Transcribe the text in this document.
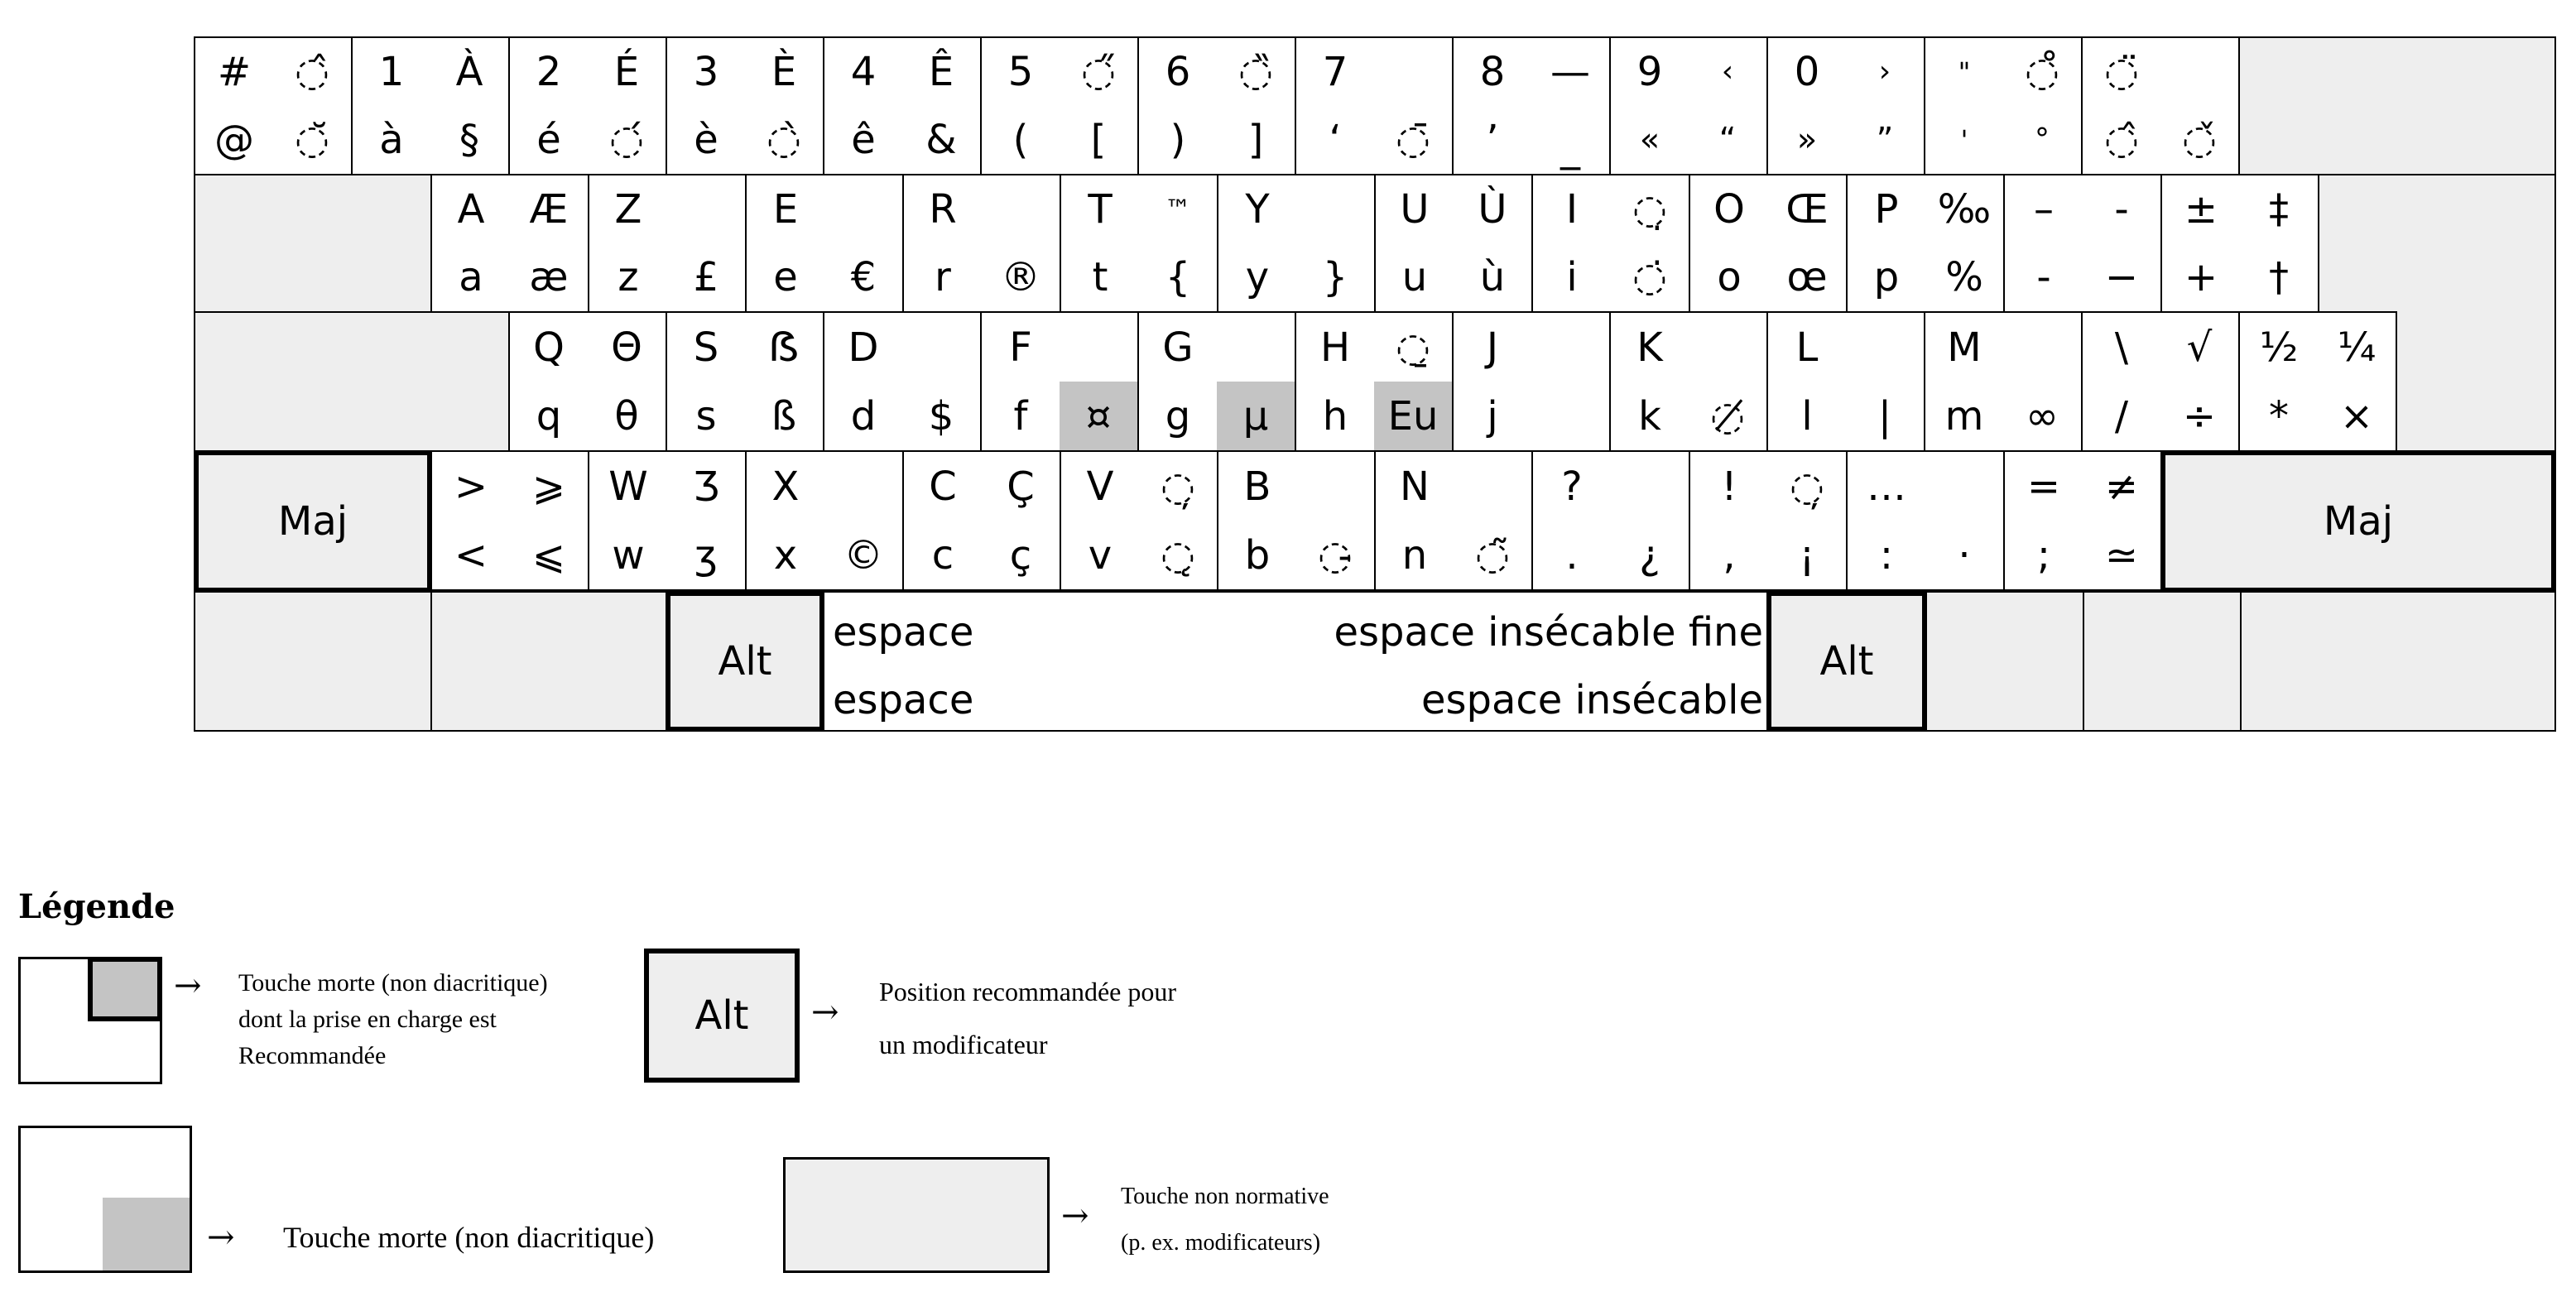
#	◌̂
@	◌̆
1	À
à	§
2	É
é	◌́
3	È
è	◌̀
4	Ê
ê	&
5	◌̋
(	[
6	◌̏
)	]
7
‘	◌̄
8	—
’	_
9	‹
«	“
0	›
»	”
"	◌̊
'	°
◌̈
◌̂	◌̌
A	Æ
a	æ
Z
z	£
E
e	€
R
r	®
T	™
t	{
Y
y	}
U	Ù
u	ù
I	◌̣
i	◌̇
O	Œ
o	œ
P ‰
p	%
–	‑
-	−
±	‡
+	†
Q	Θ
q	θ
S	ẞ
s	ß
D
d	$
F
f	¤
G
g	µ
H	◌̱
h	Eu
J
j
K
k	◌̸
L
l	|
M
m	∞
\	√
/	÷
½ ¼
*	×
Maj
>	⩾
<	⩽
W	Ʒ
w	ʒ
X
x	©
C	Ç
c	ç
V	◌̦
v	◌̨
B
b	◌̵
N
n	◌̃
?
.	¿
!	◌̦
,	¡
…
:	·
=	≠
;	≃
Maj
Alt
espace	espace insécable fine
espace	espace insécable
Alt
Légende
→ Touche morte (non diacritique)
dont la prise en charge est
Recommandée
Alt	→
Position recommandée pour
un modificateur
→ Touche morte (non diacritique)
→
Touche non normative
(p. ex. modificateurs)
